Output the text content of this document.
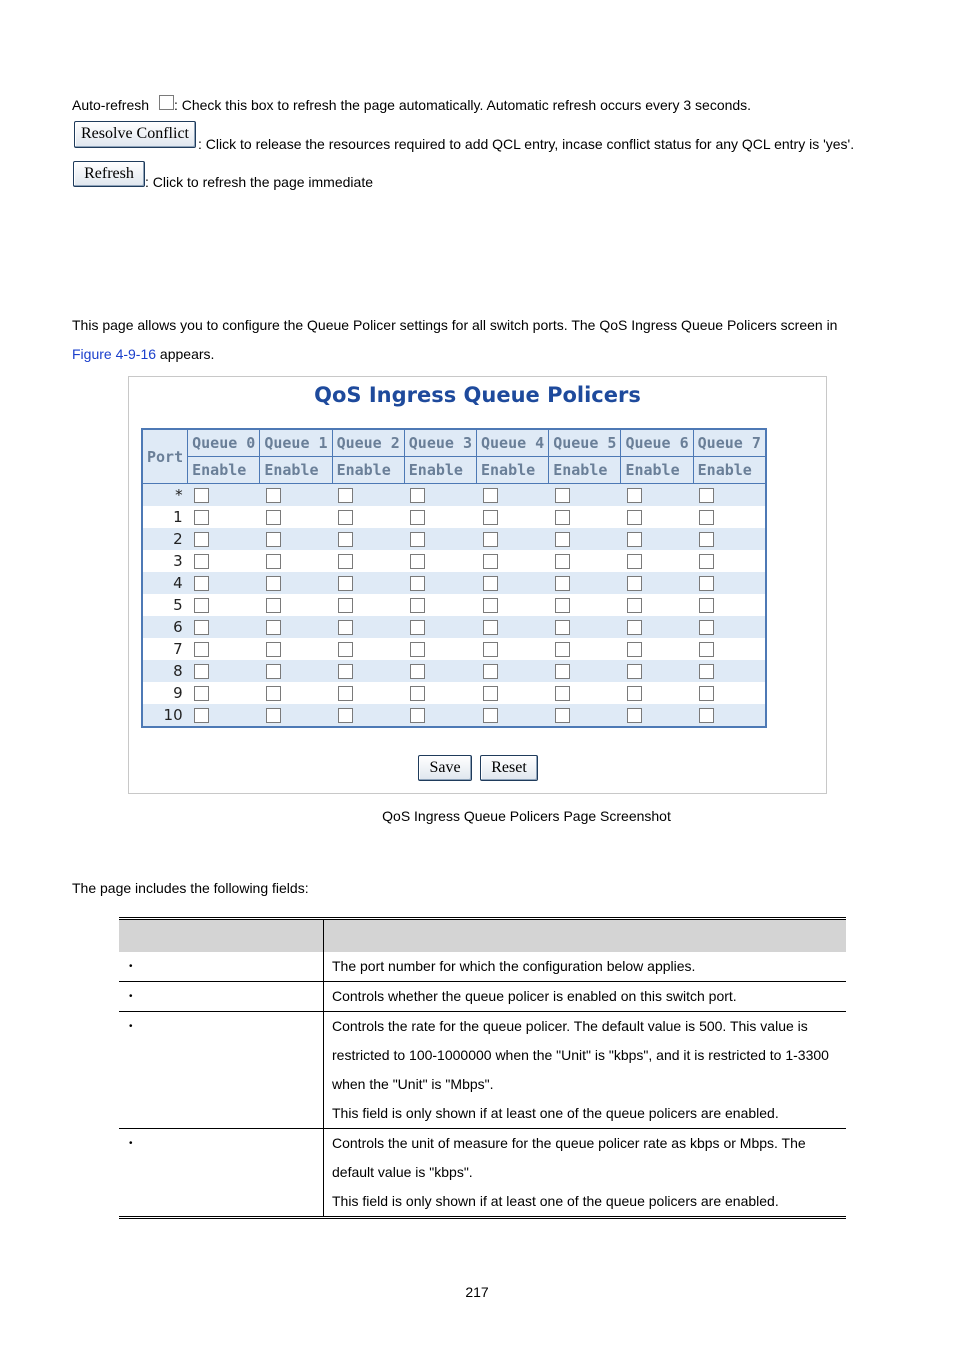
Auto-refresh : Check this box to refresh the page automatically. Automatic refresh occurs every 3 seconds.
Resolve Conflict
: Click to release the resources required to add QCL entry, incase conflict status for any QCL entry is 'yes'.
Refresh : Click to refresh the page immediate
This page allows you to configure the Queue Policer settings for all switch ports. The QoS Ingress Queue Policers screen in
Figure 4-9-16 appears.
QoS Ingress Queue Policers
Port	Queue 0	Queue 1	Queue 2	Queue 3	Queue 4	Queue 5	Queue 6	Queue 7
	Enable	Enable	Enable	Enable	Enable	Enable	Enable	Enable
*								
1								
2								
3								
4								
5								
6								
7								
8								
9								
10								
Save	Reset
QoS Ingress Queue Policers Page Screenshot
The page includes the following fields:

•	The port number for which the configuration below applies.

•	Controls whether the queue policer is enabled on this switch port.

•	Controls the rate for the queue policer. The default value is 500. This value is
restricted to 100-1000000 when the "Unit" is "kbps", and it is restricted to 1-3300
when the "Unit" is "Mbps".
This field is only shown if at least one of the queue policers are enabled.

•	Controls the unit of measure for the queue policer rate as kbps or Mbps. The
default value is "kbps".
This field is only shown if at least one of the queue policers are enabled.
217
